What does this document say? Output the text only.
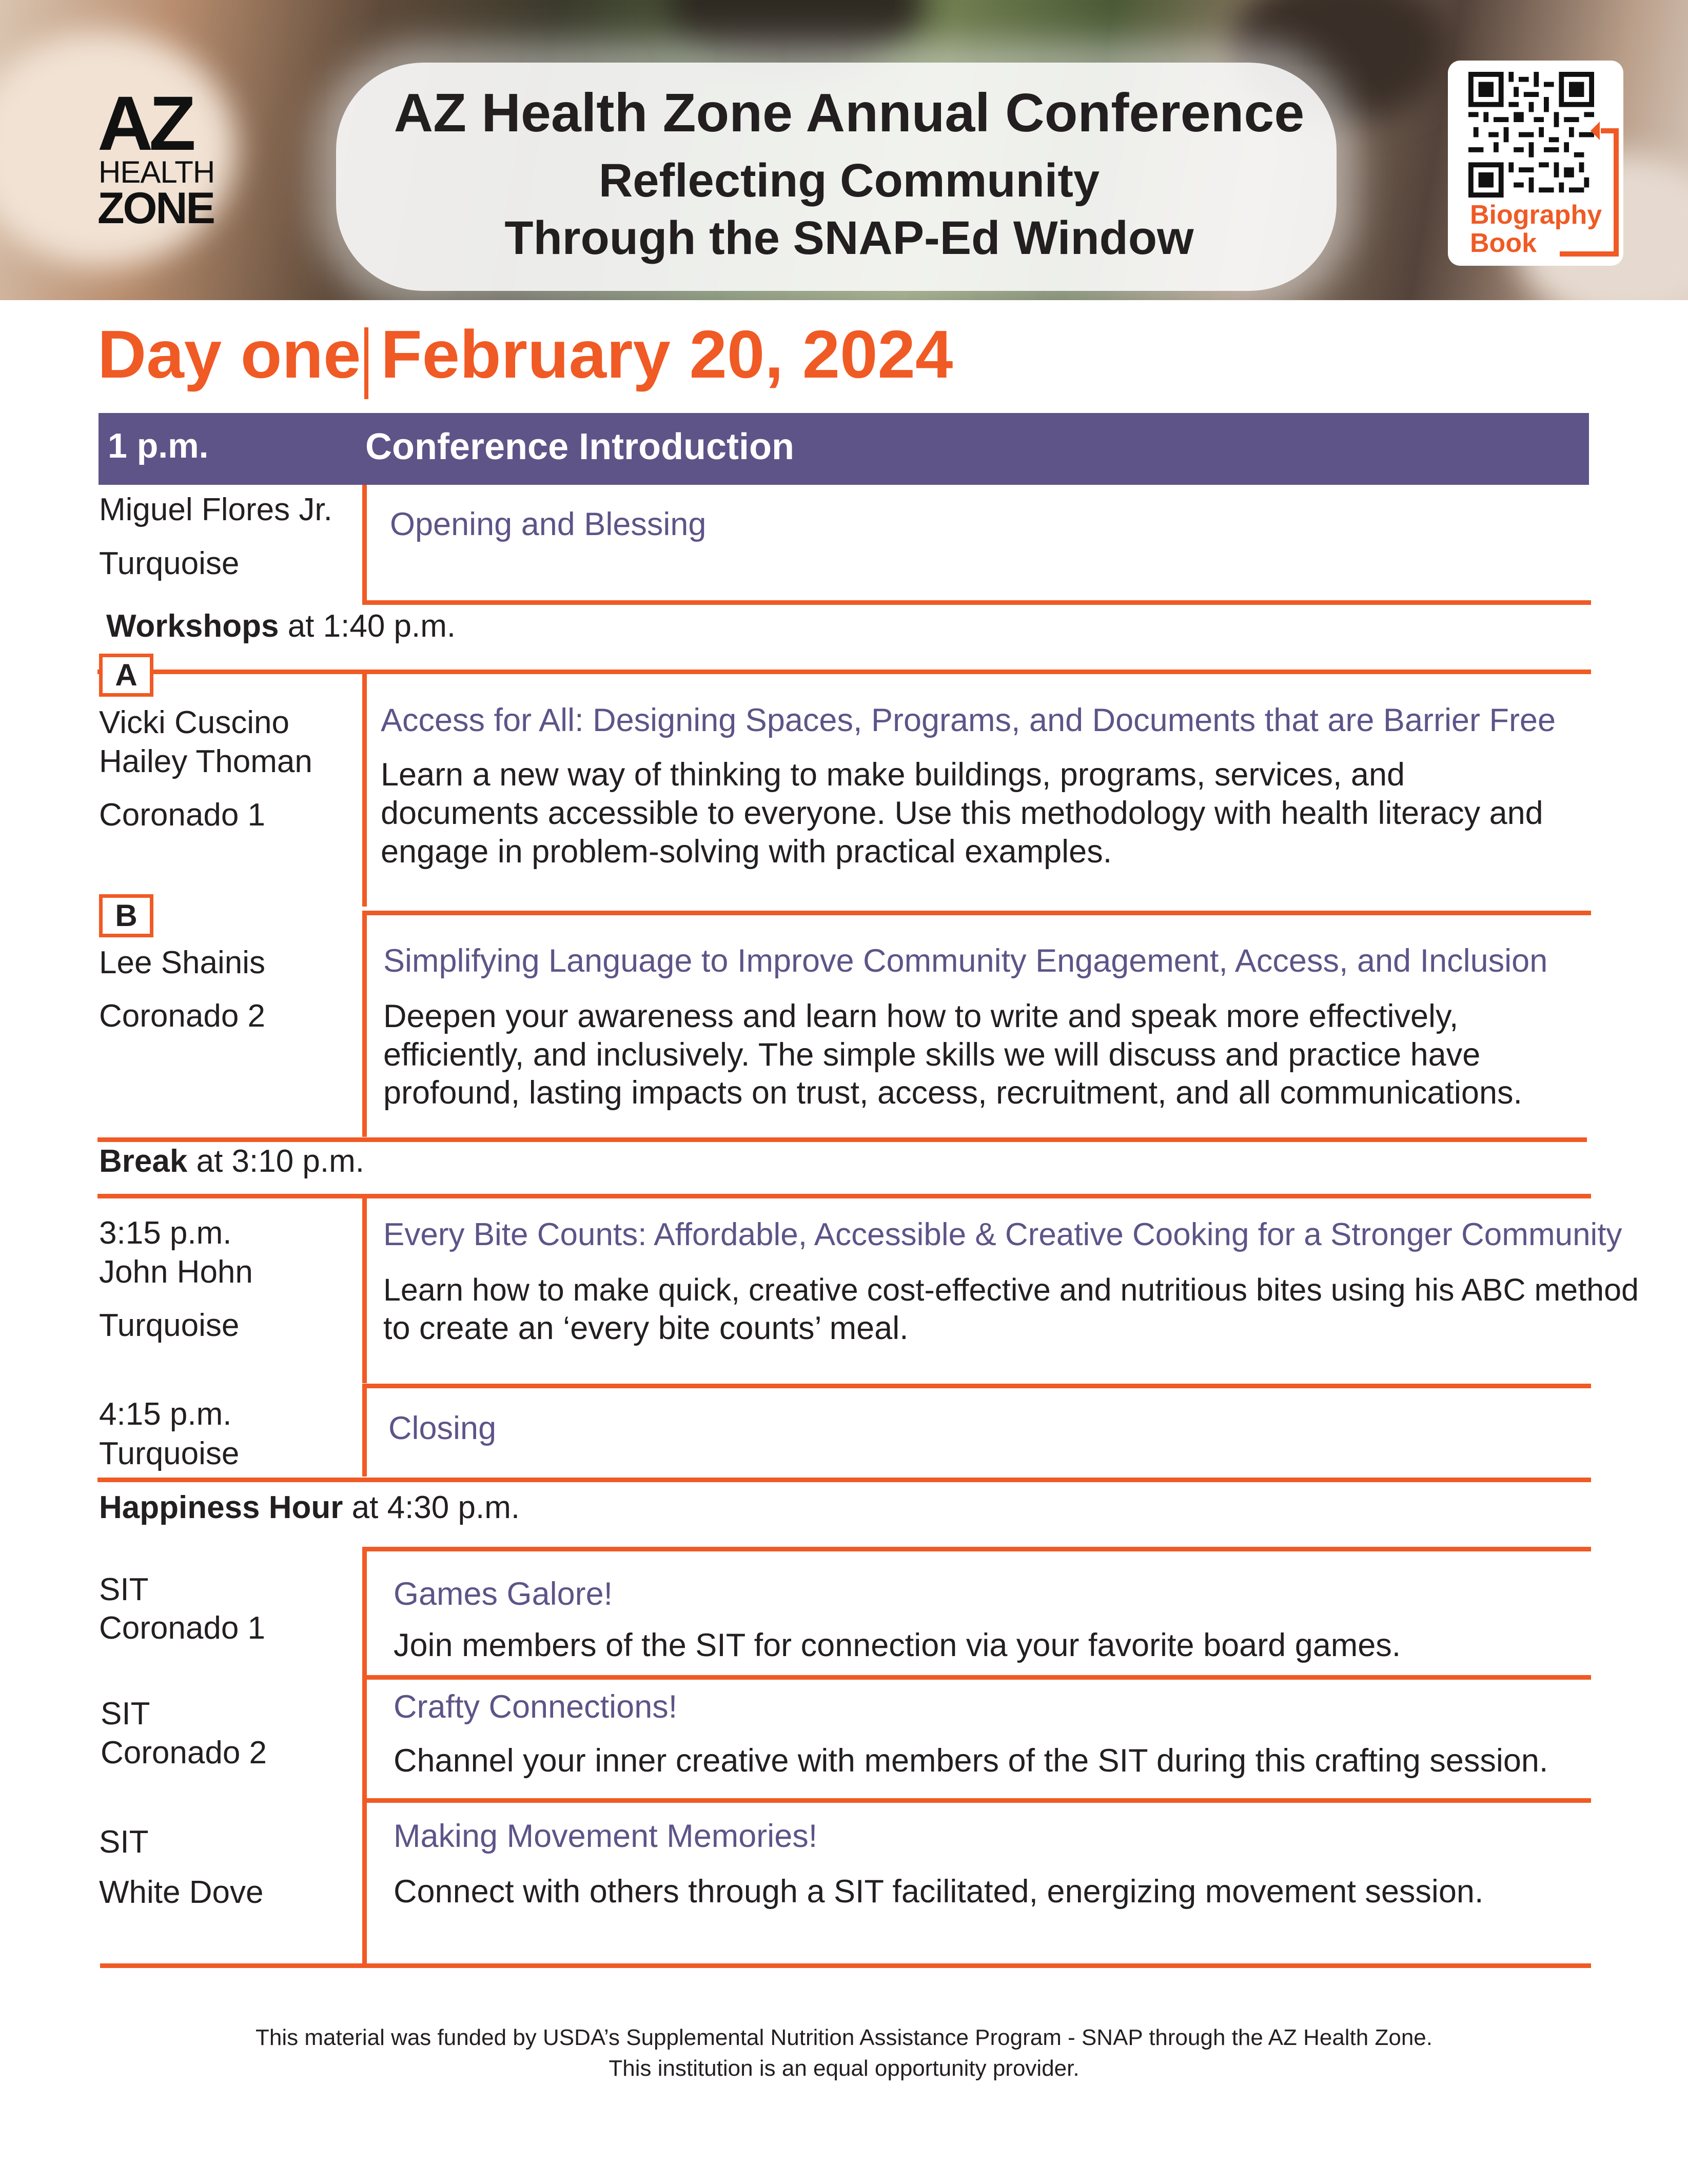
AZ
HEALTH
ZONE
AZ Health Zone Annual Conference
Reflecting Community
Through the SNAP-Ed Window	Biography
Book
Day one February 20, 2024
1 p.m.	Conference Introduction
Miguel Flores Jr.
Turquoise
Opening and Blessing
Workshops at 1:40 p.m.
A
Vicki Cuscino
Hailey Thoman
Coronado 1
Access for All: Designing Spaces, Programs, and Documents that are Barrier Free
Learn a new way of thinking to make buildings, programs, services, and
documents accessible to everyone. Use this methodology with health literacy and
engage in problem-solving with practical examples.
B
Lee Shainis
Coronado 2
Simplifying Language to Improve Community Engagement, Access, and Inclusion
Deepen your awareness and learn how to write and speak more effectively,
efficiently, and inclusively. The simple skills we will discuss and practice have
profound, lasting impacts on trust, access, recruitment, and all communications.
Break at 3:10 p.m.
3:15 p.m.
John Hohn
Turquoise
Every Bite Counts: Affordable, Accessible & Creative Cooking for a Stronger Community
Learn how to make quick, creative cost-effective and nutritious bites using his ABC method
to create an ‘every bite counts’ meal.
4:15 p.m.
Turquoise
Closing
Happiness Hour at 4:30 p.m.
SIT
Coronado 1
Games Galore!
Join members of the SIT for connection via your favorite board games.
SIT
Coronado 2
Crafty Connections!
Channel your inner creative with members of the SIT during this crafting session.
SIT
White Dove
Making Movement Memories!
Connect with others through a SIT facilitated, energizing movement session.
This material was funded by USDA’s Supplemental Nutrition Assistance Program - SNAP through the AZ Health Zone.
This institution is an equal opportunity provider.
